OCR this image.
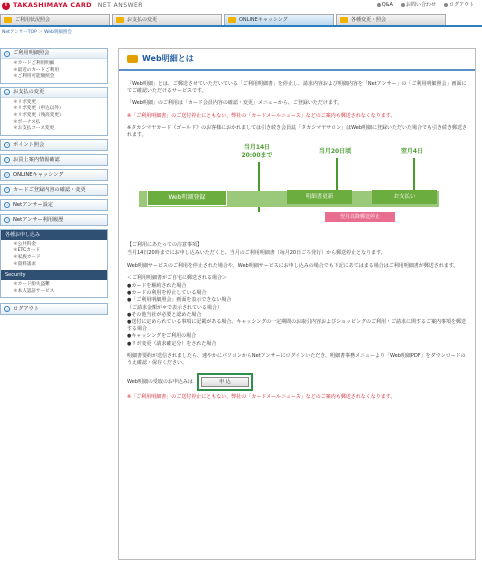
T TAKASHIMAYA CARD NET ANSWER	Q&A	お問い合わせ	ログアウト
ご利用状況照会	お支払の変更	ONLINEキャッシング	各種変更・照会
NetアンサーTOP ＞ Web明細照会
›	ご利用明細照会
＊カードご利用明細
＊最近のカードご利用
＊ご利用可能額照会
›	お支払の変更
＊リボ変更
＊リボ変更（申込以外）
＊リボ変更（残高変更）
＊ボーナス払
＊お支払コース変更
›	ポイント照会
›	お買上案内情報確認
›	ONLINEキャッシング
›	カードご登録内容の確認・変更
›	Netアンサー設定
›	Netアンサー利用履歴
各種お申し込み
＊公共料金
＊ETCカード
＊家族カード
＊資料請求
Security
＊カード紛失盗難
＊本人認証サービス
›	ログアウト
Web明細とは

「Web明細」とは、ご郵送させていただいている「ご利用明細書」を停止し、請求内容および明細内容を「Netアンサー」の「ご利用明細照会」画面にてご確認いただけるサービスです。

「Web明細」のご利用は「カード会員内容の確認・変更」メニューから、ご登録いただけます。

※「ご利用明細書」のご送付停止にともない、弊社の「カードメールニュース」などのご案内も郵送されなくなります。

※タカシマヤカード《ゴールド》のお客様におかれましては引き続き会員誌「タカシマヤサロン」はWeb明細に登録いただいた場合でも引き続き郵送されます。

当月14日
20:00まで	当月20日頃	翌月4日
Web明細登録	明細書更新	お支払い
翌月以降郵送停止

【ご利用にあたっての注意事項】

当月14日20時までにお申し込みいただくと、当月のご利用明細書（毎月20日ごろ発行）から郵送停止となります。

Web明細サービスのご利用を停止された場合や、Web明細サービスにお申し込みの場合でも下記にあてはまる場合はご利用明細書が郵送されます。

＜ご利用明細書がご自宅に郵送される場合＞

●カードを解約された場合

●カードの利用を停止している場合

●「ご利用明細照会」画面を表示できない場合

（ご請求金額が＊で表示されている場合）

●その他当社が必要と認めた場合

●送付に定められている事項に記載がある場合、キャッシングの一定期間のお取引内容およびショッピングのご利用・ご請求に関するご案内事項を郵送する場合

●キャッシングをご利用の場合

●リボ変更（請求確定分）をされた場合

明細書要約が送信されましたら、速やかにパソコンからNetアンサーにログインいただき、明細書事務メニューより「Web明細PDF」をダウンロードのうえ確認・保存ください。

Web明細の受取のお申込みは	申 込

※「ご利用明細書」のご送付停止にともない、弊社の「カードメールニュース」などのご案内も郵送されなくなります。
